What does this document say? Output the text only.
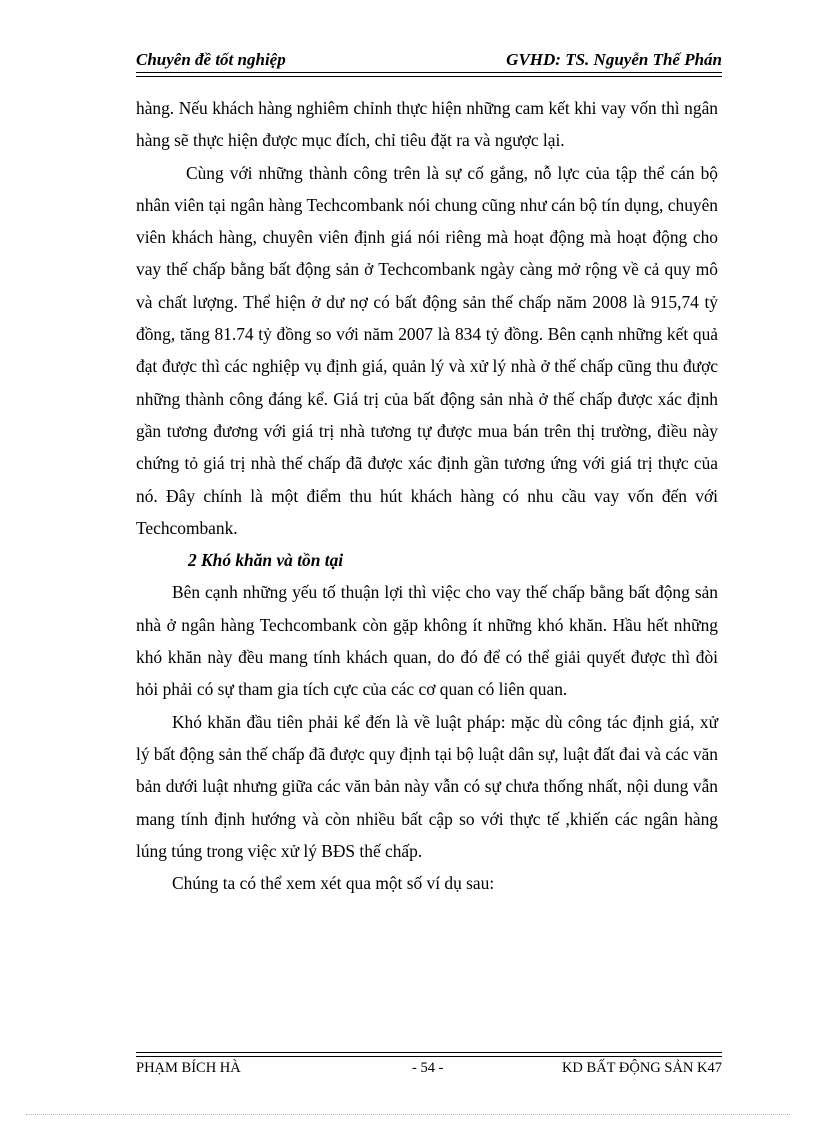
Chuyên đề tốt nghiệp	GVHD: TS. Nguyễn Thế Phán

hàng. Nếu khách hàng nghiêm chỉnh thực hiện những cam kết khi vay vốn thì ngân hàng sẽ thực hiện được mục đích, chỉ tiêu đặt ra và ngược lại.

Cùng với những thành công trên là sự cố gắng, nỗ lực của tập thể cán bộ nhân viên tại ngân hàng Techcombank nói chung cũng như cán bộ tín dụng, chuyên viên khách hàng, chuyên viên định giá nói riêng mà hoạt động mà hoạt động cho vay thế chấp bằng bất động sản ở Techcombank ngày càng mở rộng về cả quy mô và chất lượng. Thể hiện ở dư nợ có bất động sản thế chấp năm 2008 là 915,74 tỷ đồng, tăng 81.74 tỷ đồng so với năm 2007 là 834 tỷ đồng. Bên cạnh những kết quả đạt được thì các nghiệp vụ định giá, quản lý và xử lý nhà ở thế chấp cũng thu được những thành công đáng kể. Giá trị của bất động sản nhà ở thế chấp được xác định gần tương đương với giá trị nhà tương tự được mua bán trên thị trường, điều này chứng tỏ giá trị nhà thế chấp đã được xác định gần tương ứng với giá trị thực của nó. Đây chính là một điểm thu hút khách hàng có nhu cầu vay vốn đến với Techcombank.

2 Khó khăn và tồn tại

Bên cạnh những yếu tố thuận lợi thì việc cho vay thế chấp bằng bất động sản nhà ở ngân hàng Techcombank còn gặp không ít những khó khăn. Hầu hết những khó khăn này đều mang tính khách quan, do đó để có thể giải quyết được thì đòi hỏi phải có sự tham gia tích cực của các cơ quan có liên quan.

Khó khăn đầu tiên phải kể đến là về luật pháp: mặc dù công tác định giá, xử lý bất động sản thế chấp đã được quy định tại bộ luật dân sự, luật đất đai và các văn bản dưới luật nhưng giữa các văn bản này vẫn có sự chưa thống nhất, nội dung vẫn mang tính định hướng và còn nhiều bất cập so với thực tế ,khiến các ngân hàng lúng túng trong việc xử lý BĐS thế chấp.

Chúng ta có thể xem xét qua một số ví dụ sau:

PHẠM BÍCH HÀ	- 54 -	KD BẤT ĐỘNG SẢN K47
